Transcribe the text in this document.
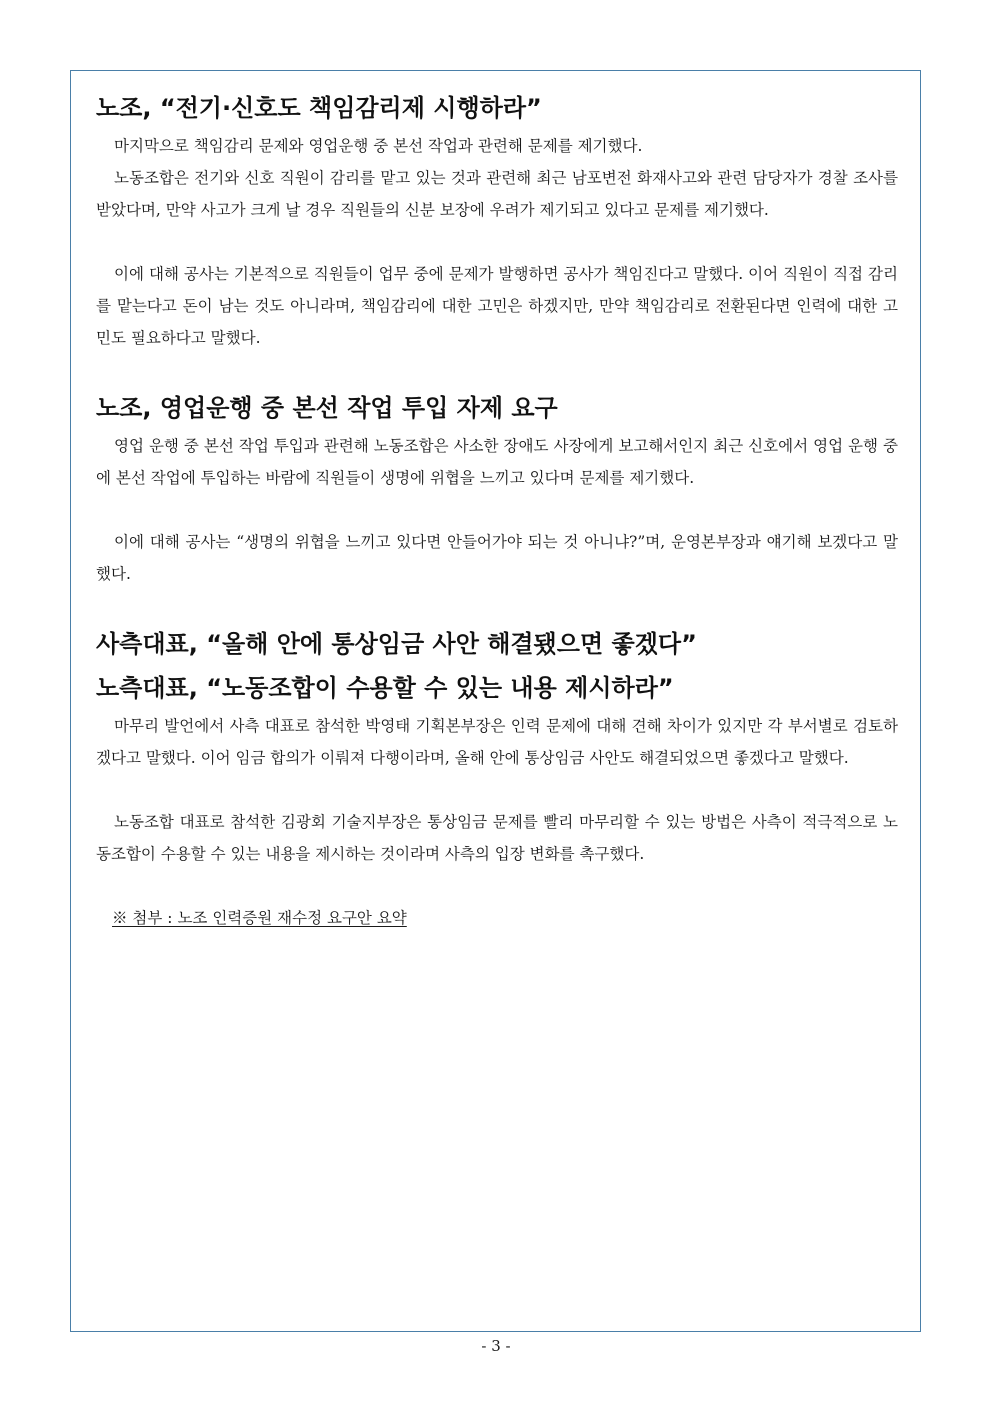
노조, “전기·신호도 책임감리제 시행하라”

마지막으로 책임감리 문제와 영업운행 중 본선 작업과 관련해 문제를 제기했다.

노동조합은 전기와 신호 직원이 감리를 맡고 있는 것과 관련해 최근 남포변전 화재사고와 관련 담당자가 경찰 조사를 받았다며, 만약 사고가 크게 날 경우 직원들의 신분 보장에 우려가 제기되고 있다고 문제를 제기했다.

이에 대해 공사는 기본적으로 직원들이 업무 중에 문제가 발행하면 공사가 책임진다고 말했다. 이어 직원이 직접 감리를 맡는다고 돈이 남는 것도 아니라며, 책임감리에 대한 고민은 하겠지만, 만약 책임감리로 전환된다면 인력에 대한 고민도 필요하다고 말했다.

노조, 영업운행 중 본선 작업 투입 자제 요구

영업 운행 중 본선 작업 투입과 관련해 노동조합은 사소한 장애도 사장에게 보고해서인지 최근 신호에서 영업 운행 중에 본선 작업에 투입하는 바람에 직원들이 생명에 위협을 느끼고 있다며 문제를 제기했다.

이에 대해 공사는 “생명의 위협을 느끼고 있다면 안들어가야 되는 것 아니냐?”며, 운영본부장과 얘기해 보겠다고 말했다.

사측대표, “올해 안에 통상임금 사안 해결됐으면 좋겠다”
노측대표, “노동조합이 수용할 수 있는 내용 제시하라”

마무리 발언에서 사측 대표로 참석한 박영태 기획본부장은 인력 문제에 대해 견해 차이가 있지만 각 부서별로 검토하겠다고 말했다. 이어 임금 합의가 이뤄져 다행이라며, 올해 안에 통상임금 사안도 해결되었으면 좋겠다고 말했다.

노동조합 대표로 참석한 김광회 기술지부장은 통상임금 문제를 빨리 마무리할 수 있는 방법은 사측이 적극적으로 노동조합이 수용할 수 있는 내용을 제시하는 것이라며 사측의 입장 변화를 촉구했다.

※ 첨부 : 노조 인력증원 재수정 요구안 요약

- 3 -
